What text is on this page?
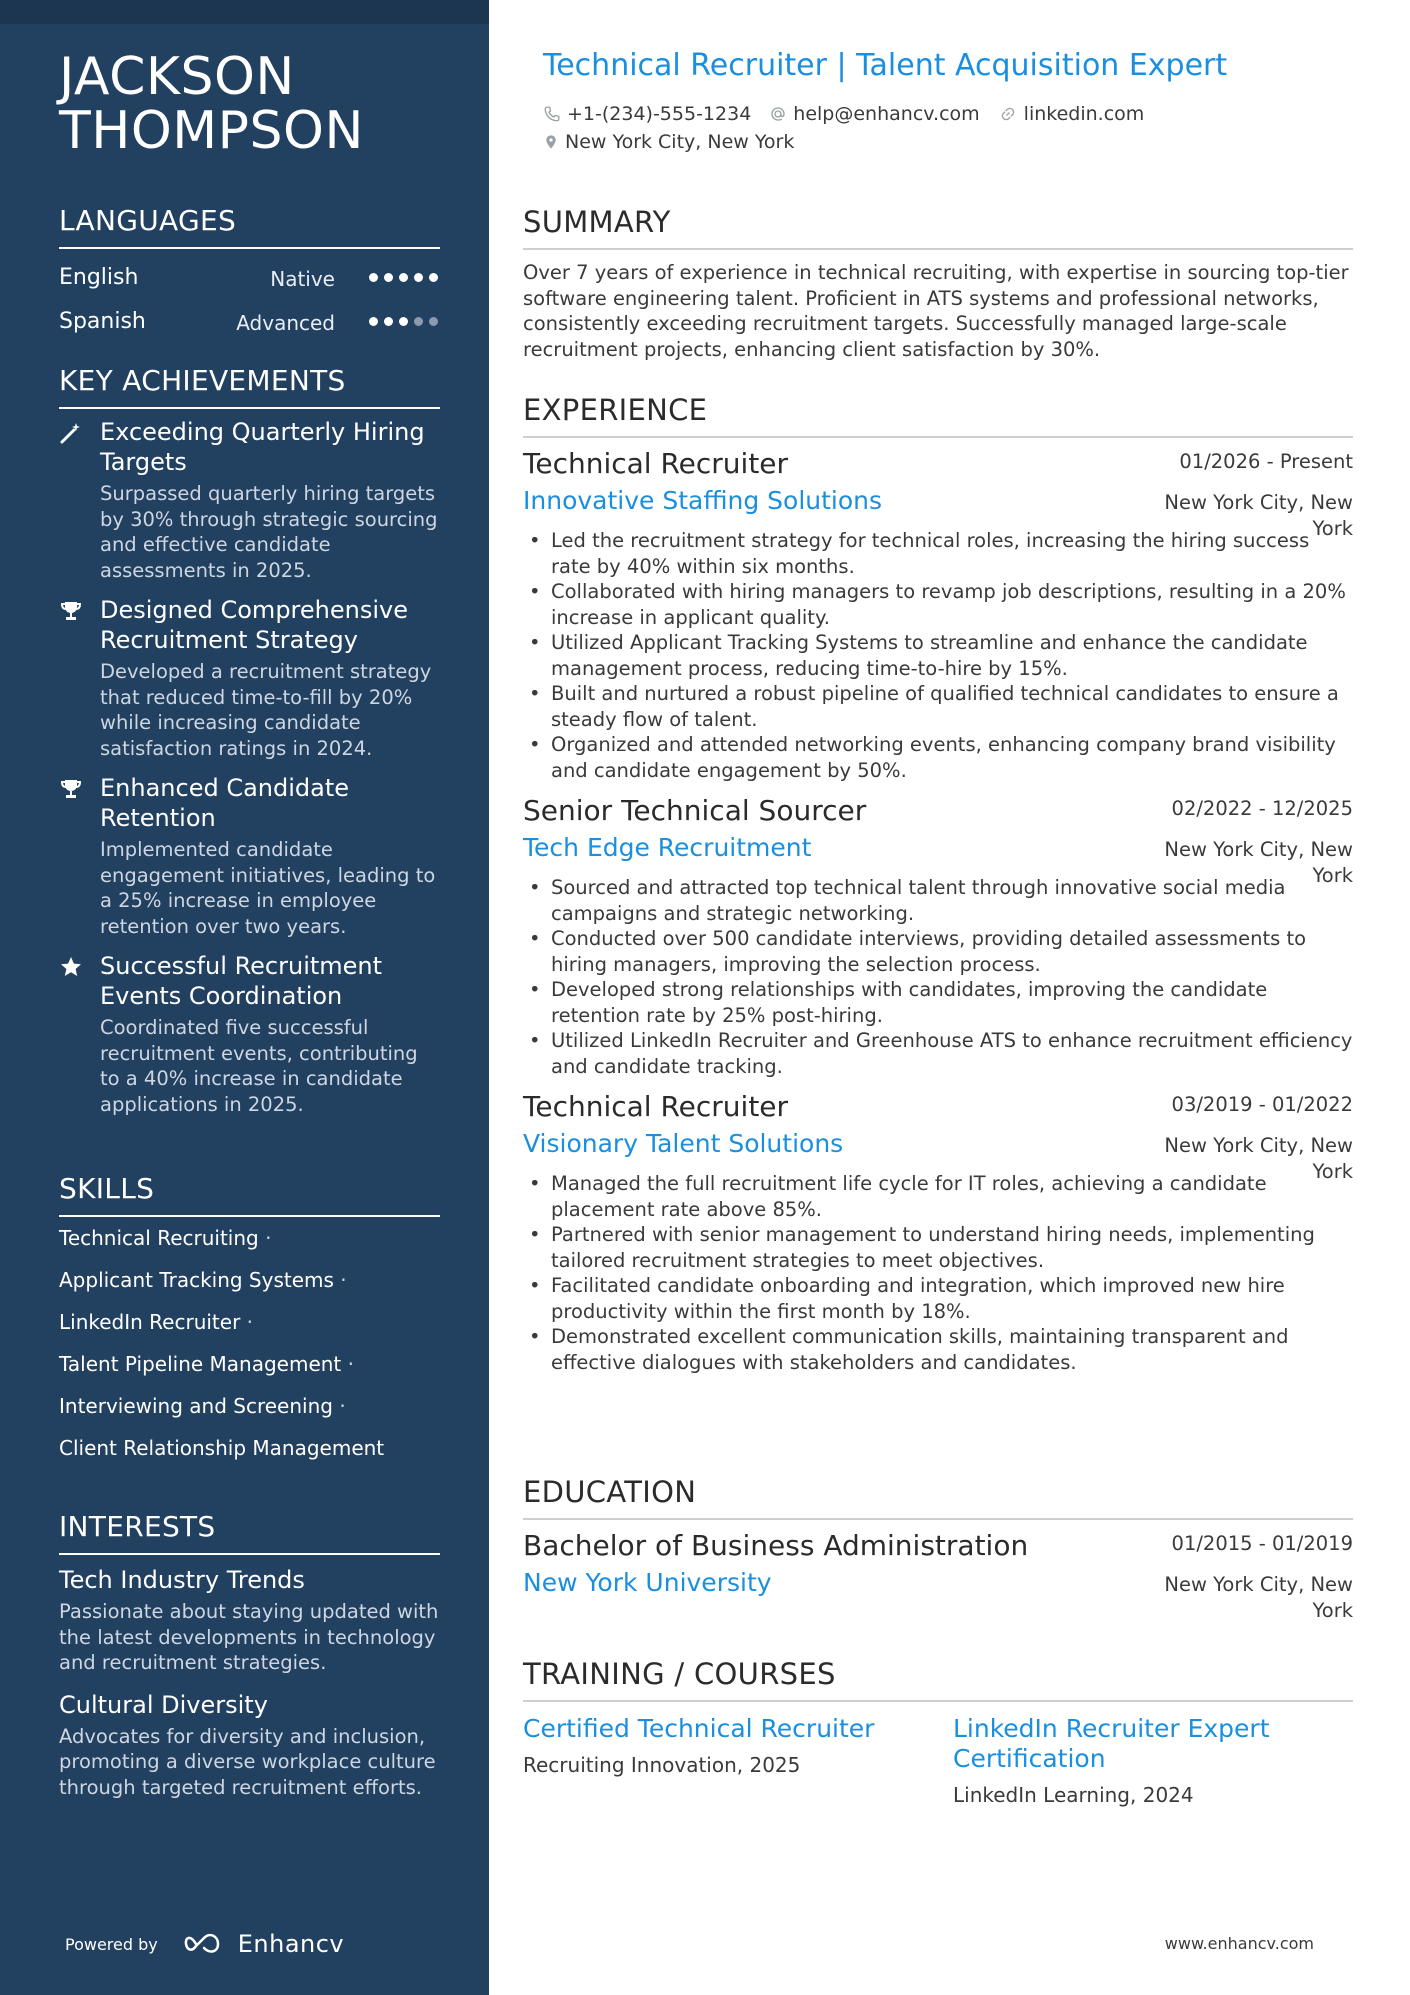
JACKSON
THOMPSON
LANGUAGES
English	Native
Spanish	Advanced
KEY ACHIEVEMENTS
Exceeding Quarterly Hiring Targets
Surpassed quarterly hiring targets by 30% through strategic sourcing and effective candidate assessments in 2025.
Designed Comprehensive Recruitment Strategy
Developed a recruitment strategy that reduced time-to-fill by 20% while increasing candidate satisfaction ratings in 2024.
Enhanced Candidate Retention
Implemented candidate engagement initiatives, leading to a 25% increase in employee retention over two years.
Successful Recruitment Events Coordination
Coordinated five successful recruitment events, contributing to a 40% increase in candidate applications in 2025.
SKILLS
Technical Recruiting ·
Applicant Tracking Systems ·
LinkedIn Recruiter ·
Talent Pipeline Management ·
Interviewing and Screening ·
Client Relationship Management
INTERESTS
Tech Industry Trends
Passionate about staying updated with the latest developments in technology and recruitment strategies.
Cultural Diversity
Advocates for diversity and inclusion, promoting a diverse workplace culture through targeted recruitment efforts.
Powered by	Enhancv
Technical Recruiter | Talent Acquisition Expert
+1-(234)-555-1234 help@enhancv.com linkedin.com
New York City, New York
SUMMARY

Over 7 years of experience in technical recruiting, with expertise in sourcing top-tier software engineering talent. Proficient in ATS systems and professional networks, consistently exceeding recruitment targets. Successfully managed large-scale recruitment projects, enhancing client satisfaction by 30%.

EXPERIENCE
Technical Recruiter	01/2026 - Present
Innovative Staffing Solutions	New York City, New York
• Led the recruitment strategy for technical roles, increasing the hiring success rate by 40% within six months.
• Collaborated with hiring managers to revamp job descriptions, resulting in a 20% increase in applicant quality.
• Utilized Applicant Tracking Systems to streamline and enhance the candidate management process, reducing time-to-hire by 15%.
• Built and nurtured a robust pipeline of qualified technical candidates to ensure a steady flow of talent.
• Organized and attended networking events, enhancing company brand visibility and candidate engagement by 50%.
Senior Technical Sourcer	02/2022 - 12/2025
Tech Edge Recruitment	New York City, New York
• Sourced and attracted top technical talent through innovative social media campaigns and strategic networking.
• Conducted over 500 candidate interviews, providing detailed assessments to hiring managers, improving the selection process.
• Developed strong relationships with candidates, improving the candidate retention rate by 25% post-hiring.
• Utilized LinkedIn Recruiter and Greenhouse ATS to enhance recruitment efficiency and candidate tracking.
Technical Recruiter	03/2019 - 01/2022
Visionary Talent Solutions	New York City, New York
• Managed the full recruitment life cycle for IT roles, achieving a candidate placement rate above 85%.
• Partnered with senior management to understand hiring needs, implementing tailored recruitment strategies to meet objectives.
• Facilitated candidate onboarding and integration, which improved new hire productivity within the first month by 18%.
• Demonstrated excellent communication skills, maintaining transparent and effective dialogues with stakeholders and candidates.
EDUCATION
Bachelor of Business Administration	01/2015 - 01/2019
New York University	New York City, New York
TRAINING / COURSES
Certified Technical Recruiter
Recruiting Innovation, 2025
LinkedIn Recruiter Expert Certification
LinkedIn Learning, 2024
www.enhancv.com
